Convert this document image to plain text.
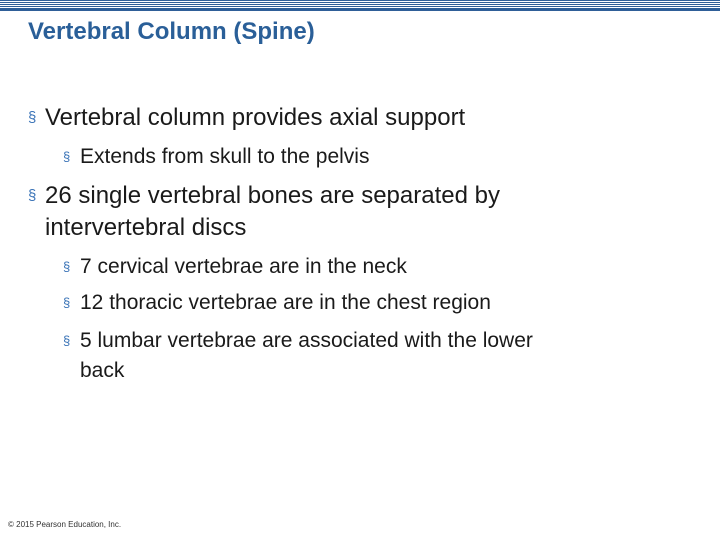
Vertebral Column (Spine)
§ Vertebral column provides axial support
§ Extends from skull to the pelvis
§ 26 single vertebral bones are separated by
intervertebral discs
§ 7 cervical vertebrae are in the neck
§ 12 thoracic vertebrae are in the chest region
§ 5 lumbar vertebrae are associated with the lower
back
© 2015 Pearson Education, Inc.
